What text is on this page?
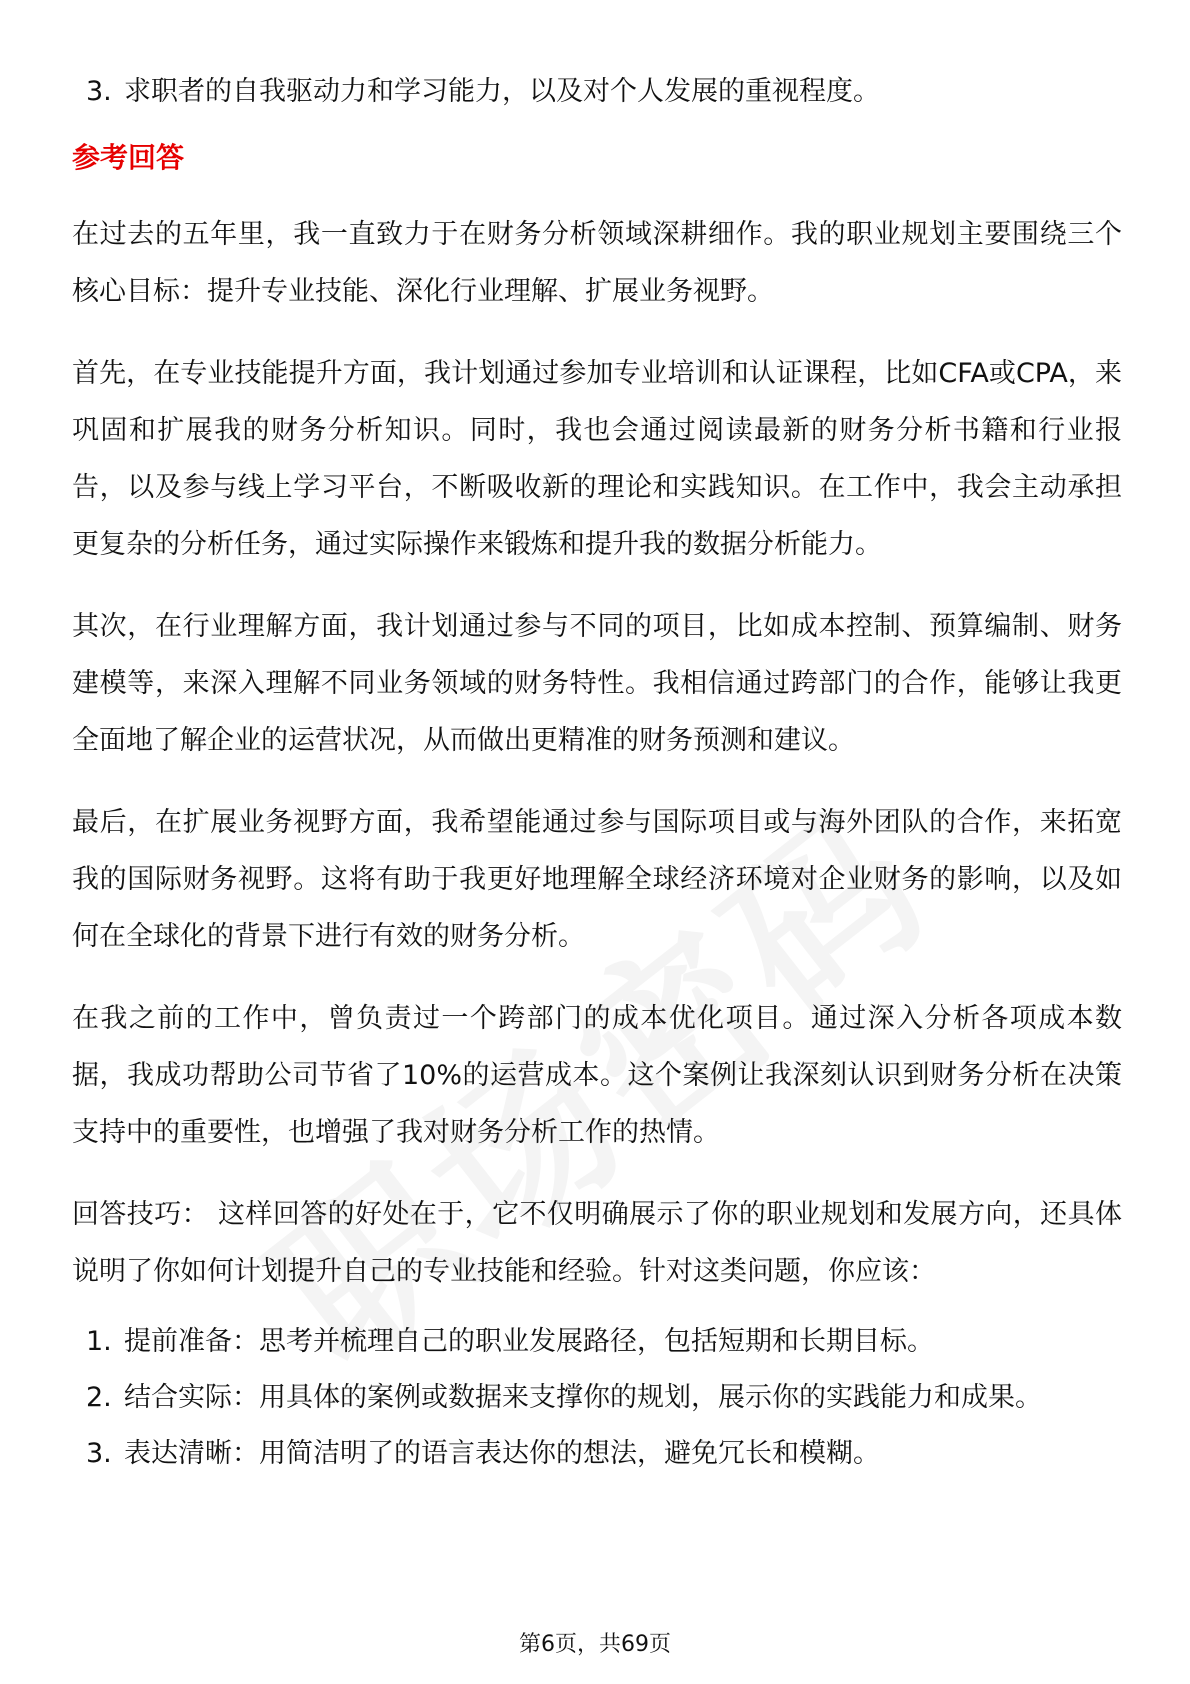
3. 求职者的自我驱动力和学习能力，以及对个人发展的重视程度。
参考回答

在过去的五年里，我一直致力于在财务分析领域深耕细作。我的职业规划主要围绕三个核心目标：提升专业技能、深化行业理解、扩展业务视野。

首先，在专业技能提升方面，我计划通过参加专业培训和认证课程，比如CFA或CPA，来巩固和扩展我的财务分析知识。同时，我也会通过阅读最新的财务分析书籍和行业报告，以及参与线上学习平台，不断吸收新的理论和实践知识。在工作中，我会主动承担更复杂的分析任务，通过实际操作来锻炼和提升我的数据分析能力。

其次，在行业理解方面，我计划通过参与不同的项目，比如成本控制、预算编制、财务建模等，来深入理解不同业务领域的财务特性。我相信通过跨部门的合作，能够让我更全面地了解企业的运营状况，从而做出更精准的财务预测和建议。

最后，在扩展业务视野方面，我希望能通过参与国际项目或与海外团队的合作，来拓宽我的国际财务视野。这将有助于我更好地理解全球经济环境对企业财务的影响，以及如何在全球化的背景下进行有效的财务分析。

在我之前的工作中，曾负责过一个跨部门的成本优化项目。通过深入分析各项成本数据，我成功帮助公司节省了10%的运营成本。这个案例让我深刻认识到财务分析在决策支持中的重要性，也增强了我对财务分析工作的热情。

回答技巧： 这样回答的好处在于，它不仅明确展示了你的职业规划和发展方向，还具体说明了你如何计划提升自己的专业技能和经验。针对这类问题，你应该：

1. 提前准备：思考并梳理自己的职业发展路径，包括短期和长期目标。
2. 结合实际：用具体的案例或数据来支撑你的规划，展示你的实践能力和成果。
3. 表达清晰：用简洁明了的语言表达你的想法，避免冗长和模糊。
第6页，共69页
